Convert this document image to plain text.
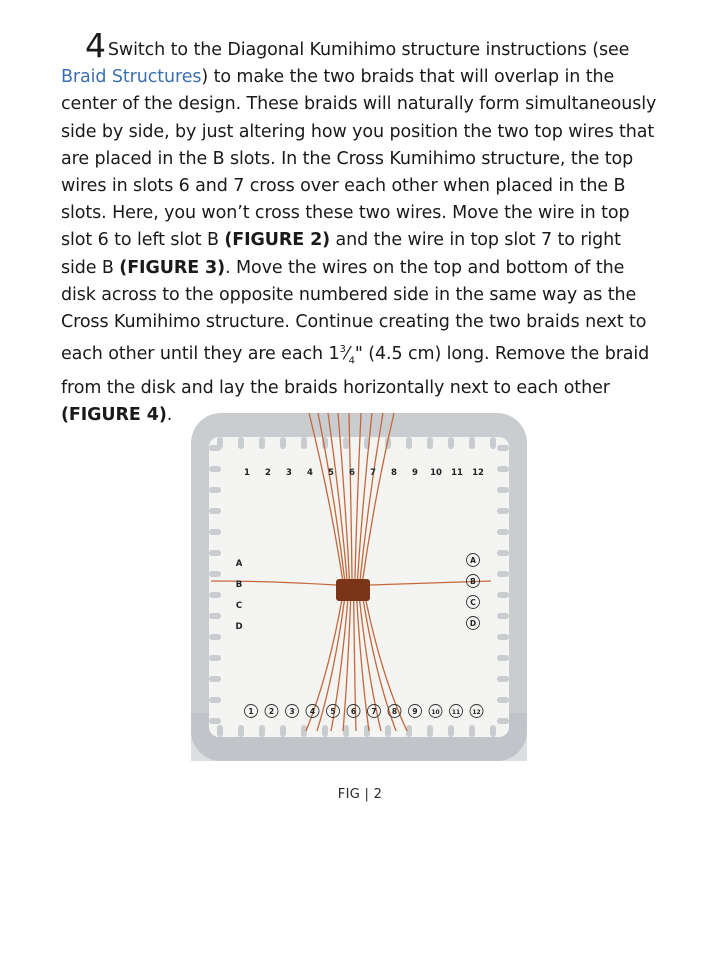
4 Switch to the Diagonal Kumihimo structure instructions (see Braid Structures) to make the two braids that will overlap in the center of the design. These braids will naturally form simultaneously side by side, by just altering how you position the two top wires that are placed in the B slots. In the Cross Kumihimo structure, the top wires in slots 6 and 7 cross over each other when placed in the B slots. Here, you won’t cross these two wires. Move the wire in top slot 6 to left slot B (FIGURE 2) and the wire in top slot 7 to right side B (FIGURE 3). Move the wires on the top and bottom of the disk across to the opposite numbered side in the same way as the Cross Kumihimo structure. Continue creating the two braids next to each other until they are each $1^3⁄_4$" (4.5 cm) long. Remove the braid from the disk and lay the braids horizontally next to each other (FIGURE 4).
1 2 3 4 5 6 7 8 9 10 11 12
1 2 3 4 5 6 7 8 9 10 11 12
A
B
C
D
A
B
C
D
FIG | 2
